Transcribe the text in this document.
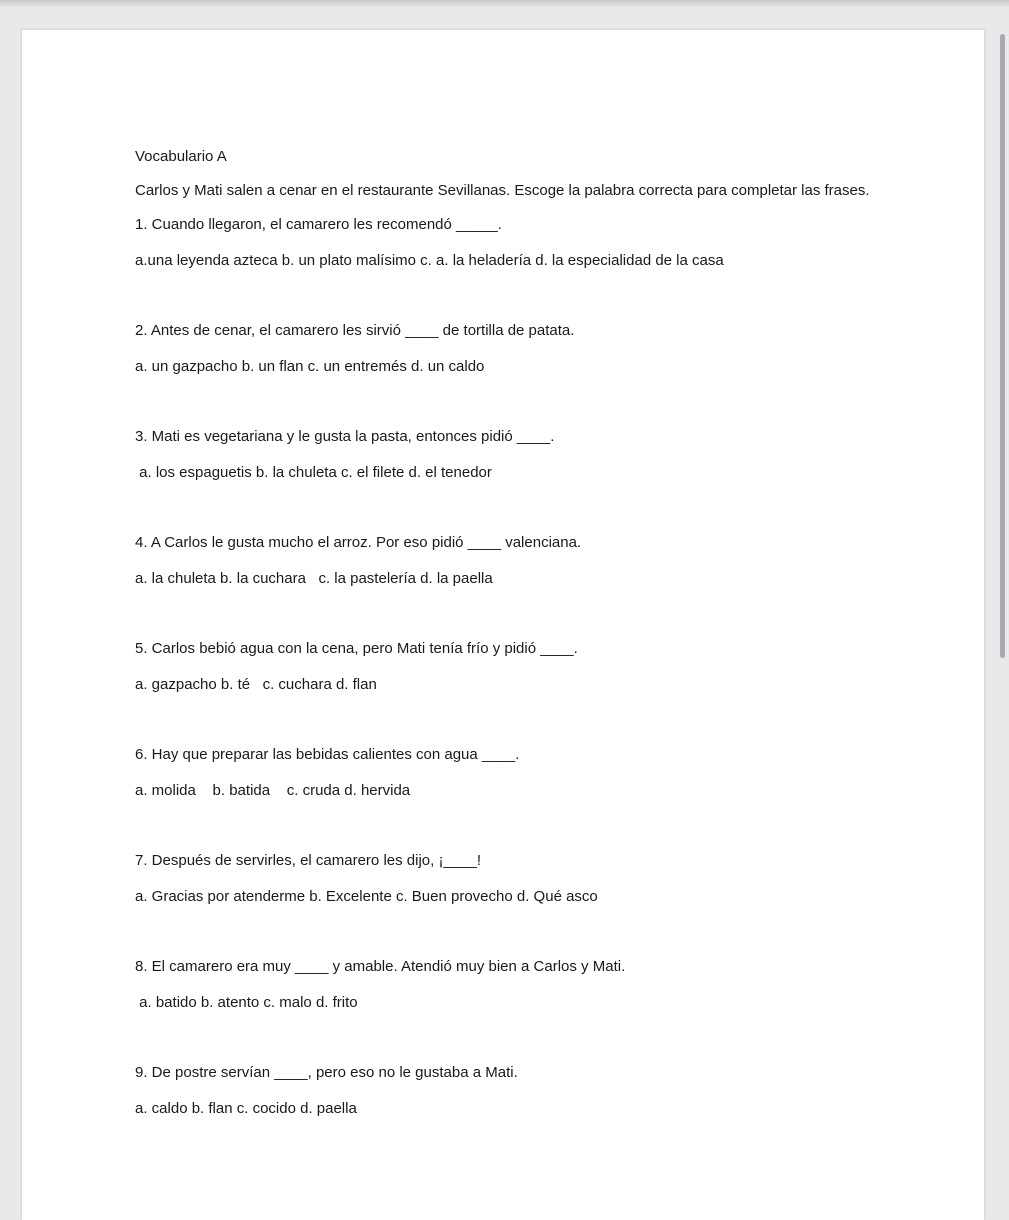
Vocabulario A

Carlos y Mati salen a cenar en el restaurante Sevillanas. Escoge la palabra correcta para completar las frases.

1. Cuando llegaron, el camarero les recomendó _____.

a.una leyenda azteca b. un plato malísimo c. a. la heladería d. la especialidad de la casa

2. Antes de cenar, el camarero les sirvió ____ de tortilla de patata.

a. un gazpacho b. un flan c. un entremés d. un caldo

3. Mati es vegetariana y le gusta la pasta, entonces pidió ____.

a. los espaguetis b. la chuleta c. el filete d. el tenedor

4. A Carlos le gusta mucho el arroz. Por eso pidió ____ valenciana.

a. la chuleta b. la cuchara   c. la pastelería d. la paella

5. Carlos bebió agua con la cena, pero Mati tenía frío y pidió ____.

a. gazpacho b. té   c. cuchara d. flan

6. Hay que preparar las bebidas calientes con agua ____.

a. molida    b. batida    c. cruda d. hervida

7. Después de servirles, el camarero les dijo, ¡____!

a. Gracias por atenderme b. Excelente c. Buen provecho d. Qué asco

8. El camarero era muy ____ y amable. Atendió muy bien a Carlos y Mati.

a. batido b. atento c. malo d. frito

9. De postre servían ____, pero eso no le gustaba a Mati.

a. caldo b. flan c. cocido d. paella
